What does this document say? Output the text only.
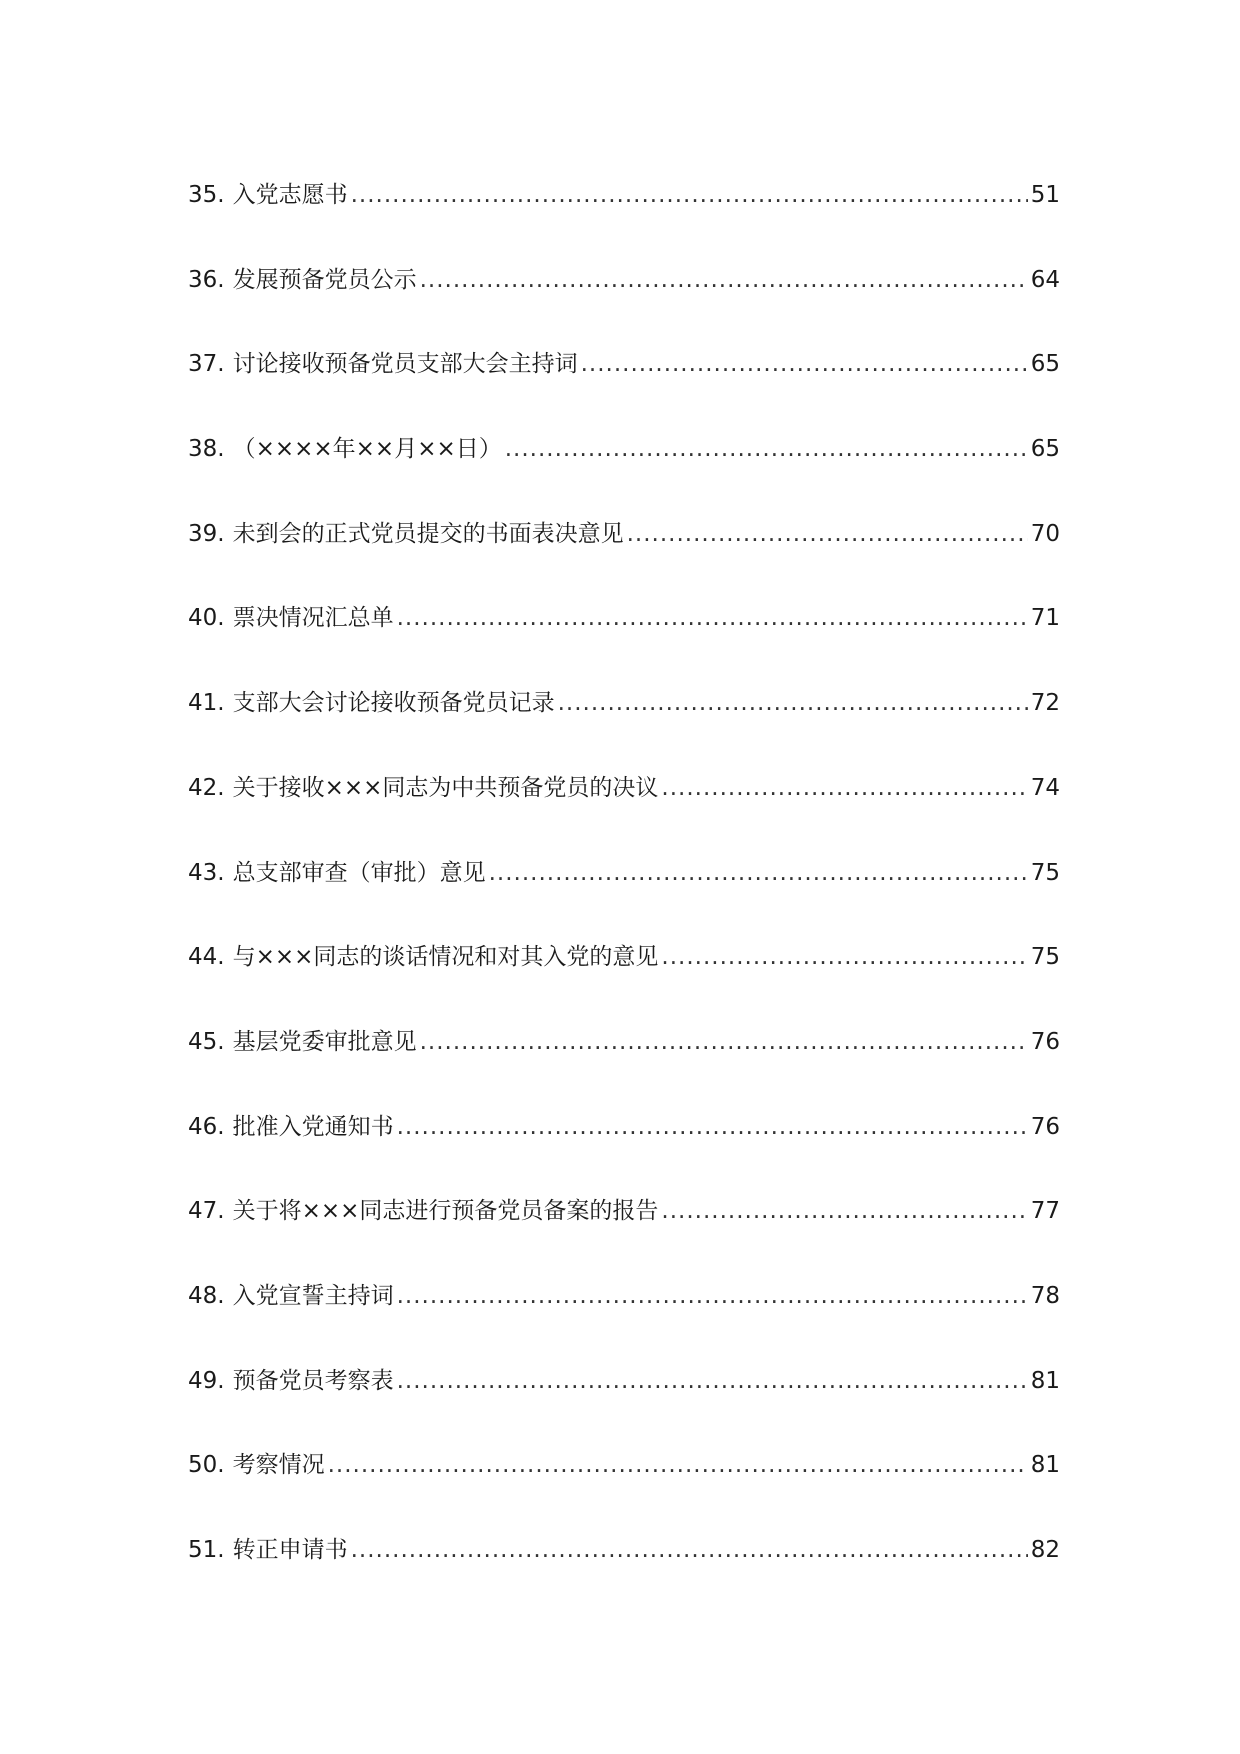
35. 入党志愿书 .....	51
36. 发展预备党员公示 .....	64
37. 讨论接收预备党员支部大会主持词 .....	65
38. （××××年××月××日） .....	65
39. 未到会的正式党员提交的书面表决意见 .....	70
40. 票决情况汇总单 .....	71
41. 支部大会讨论接收预备党员记录 .....	72
42. 关于接收×××同志为中共预备党员的决议 .....	74
43. 总支部审查（审批）意见 .....	75
44. 与×××同志的谈话情况和对其入党的意见 .....	75
45. 基层党委审批意见 .....	76
46. 批准入党通知书 .....	76
47. 关于将×××同志进行预备党员备案的报告 .....	77
48. 入党宣誓主持词 .....	78
49. 预备党员考察表 .....	81
50. 考察情况 .....	81
51. 转正申请书 .....	82
